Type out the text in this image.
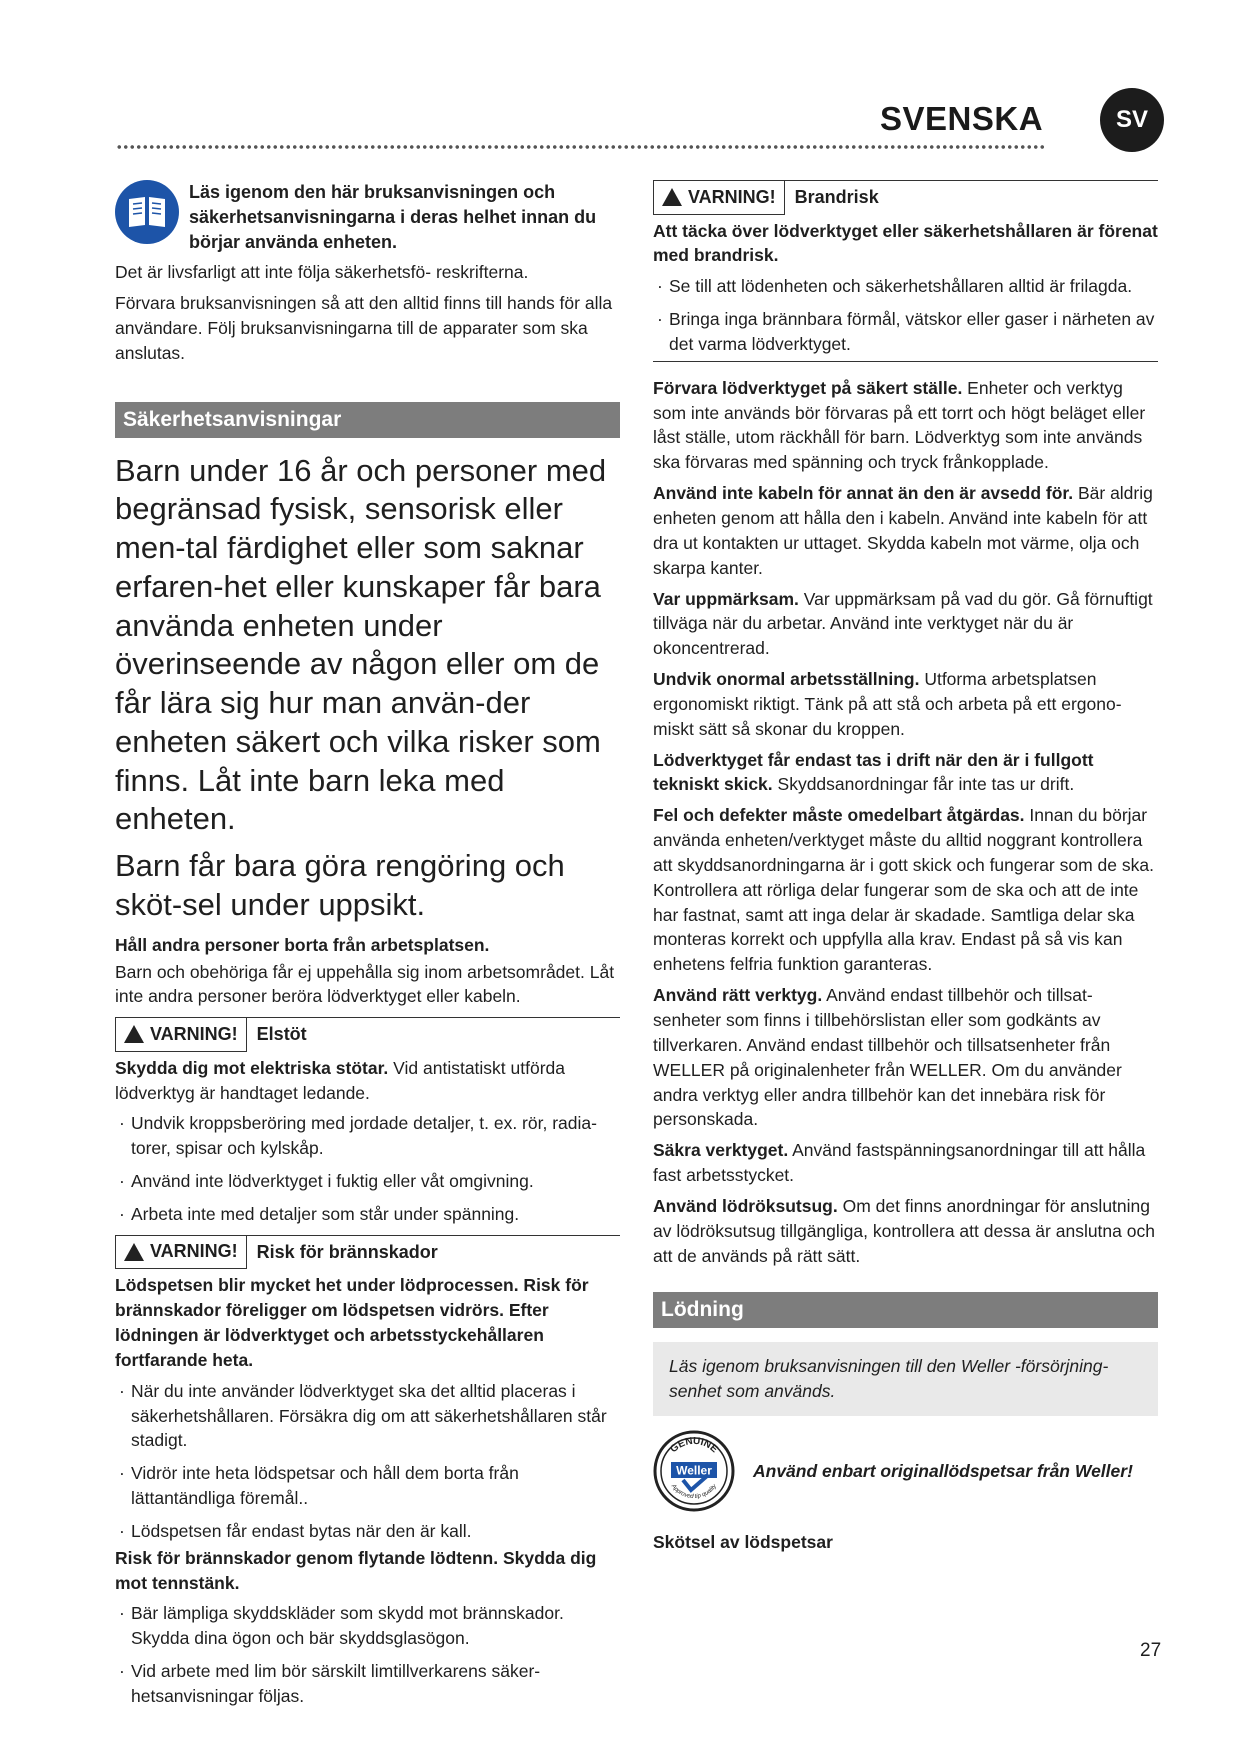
SVENSKA	SV
Läs igenom den här bruksanvisningen och säkerhetsanvisningarna i deras helhet innan du börjar använda enheten.

Det är livsfarligt att inte följa säkerhetsfö- reskrifterna.

Förvara bruksanvisningen så att den alltid finns till hands för alla användare. Följ bruksanvisningarna till de apparater som ska anslutas.

Säkerhetsanvisningar

Barn under 16 år och personer med begränsad fysisk, sensorisk eller men-tal färdighet eller som saknar erfaren-het eller kunskaper får bara använda enheten under överinseende av någon eller om de får lära sig hur man använ-der enheten säkert och vilka risker som finns. Låt inte barn leka med enheten.

Barn får bara göra rengöring och sköt-sel under uppsikt.

Håll andra personer borta från arbetsplatsen.

Barn och obehöriga får ej uppehålla sig inom arbetsområdet. Låt inte andra personer beröra lödverktyget eller kabeln.

VARNING!	Elstöt

Skydda dig mot elektriska stötar. Vid antistatiskt utförda lödverktyg är handtaget ledande.

· Undvik kroppsberöring med jordade detaljer, t. ex. rör, radia- torer, spisar och kylskåp.

· Använd inte lödverktyget i fuktig eller våt omgivning.

· Arbeta inte med detaljer som står under spänning.

VARNING!	Risk för brännskador

Lödspetsen blir mycket het under lödprocessen. Risk för brännskador föreligger om lödspetsen vidrörs. Efter lödningen är lödverktyget och arbetsstyckehållaren fortfarande heta.

· När du inte använder lödverktyget ska det alltid placeras i säkerhetshållaren. Försäkra dig om att säkerhetshållaren står stadigt.

· Vidrör inte heta lödspetsar och håll dem borta från lättantändliga föremål..

· Lödspetsen får endast bytas när den är kall.

Risk för brännskador genom flytande lödtenn. Skydda dig mot tennstänk.

· Bär lämpliga skyddskläder som skydd mot brännskador. Skydda dina ögon och bär skyddsglasögon.

· Vid arbete med lim bör särskilt limtillverkarens säker-hetsanvisningar följas.

VARNING!	Brandrisk

Att täcka över lödverktyget eller säkerhetshållaren är förenat med brandrisk.

· Se till att lödenheten och säkerhetshållaren alltid är frilagda.

· Bringa inga brännbara förmål, vätskor eller gaser i närheten av det varma lödverktyget.

Förvara lödverktyget på säkert ställe. Enheter och verktyg som inte används bör förvaras på ett torrt och högt beläget eller låst ställe, utom räckhåll för barn. Lödverktyg som inte används ska förvaras med spänning och tryck frånkopplade.

Använd inte kabeln för annat än den är avsedd för. Bär aldrig enheten genom att hålla den i kabeln. Använd inte kabeln för att dra ut kontakten ur uttaget. Skydda kabeln mot värme, olja och skarpa kanter.

Var uppmärksam. Var uppmärksam på vad du gör. Gå förnuftigt tillväga när du arbetar. Använd inte verktyget när du är okoncentrerad.

Undvik onormal arbetsställning. Utforma arbetsplatsen ergonomiskt riktigt. Tänk på att stå och arbeta på ett ergono-miskt sätt så skonar du kroppen.

Lödverktyget får endast tas i drift när den är i fullgott tekniskt skick. Skyddsanordningar får inte tas ur drift.

Fel och defekter måste omedelbart åtgärdas. Innan du börjar använda enheten/verktyget måste du alltid noggrant kontrollera att skyddsanordningarna är i gott skick och fungerar som de ska. Kontrollera att rörliga delar fungerar som de ska och att de inte har fastnat, samt att inga delar är skadade. Samtliga delar ska monteras korrekt och uppfylla alla krav. Endast på så vis kan enhetens felfria funktion garanteras.

Använd rätt verktyg. Använd endast tillbehör och tillsat-senheter som finns i tillbehörslistan eller som godkänts av tillverkaren. Använd endast tillbehör och tillsatsenheter från WELLER på originalenheter från WELLER. Om du använder andra verktyg eller andra tillbehör kan det innebära risk för personskada.

Säkra verktyget. Använd fastspänningsanordningar till att hålla fast arbetsstycket.

Använd lödröksutsug. Om det finns anordningar för anslutning av lödröksutsug tillgängliga, kontrollera att dessa är anslutna och att de används på rätt sätt.

Lödning
Läs igenom bruksanvisningen till den Weller -försörjning-senhet som används.
GENUINE
Approved tip quality
Weller Använd enbart originallödspetsar från Weller!

Skötsel av lödspetsar

27
